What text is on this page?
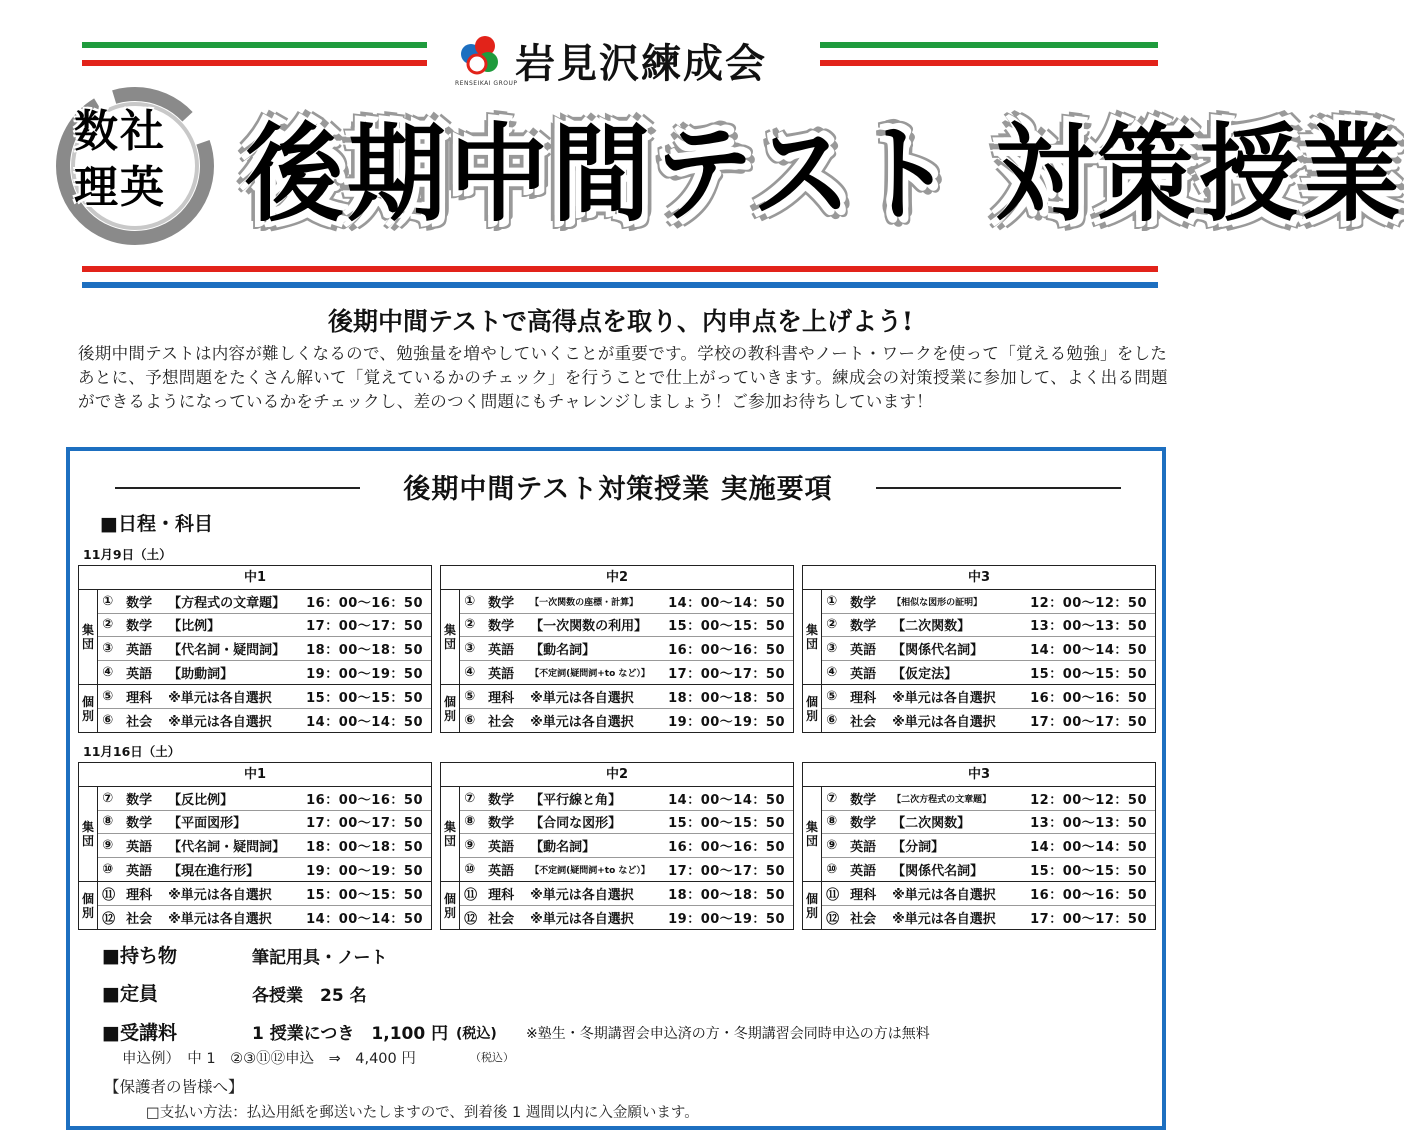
RENSEIKAI GROUP
岩見沢練成会
数社
理英 後期中間テスト 対策授業
後期中間テストで高得点を取り、内申点を上げよう!
後期中間テストは内容が難しくなるので、勉強量を増やしていくことが重要です。学校の教科書やノート・ワークを使って「覚える勉強」をしたあとに、予想問題をたくさん解いて「覚えているかのチェック」を行うことで仕上がっていきます。練成会の対策授業に参加して、よく出る問題ができるようになっているかをチェックし、差のつく問題にもチャレンジしましょう！ご参加お待ちしています！
後期中間テスト対策授業 実施要項
■日程・科目
11月9日（土）
11月16日（土）
中1
集
団
① 数学	【方程式の文章題】	16：00～16：50
② 数学	【比例】	17：00～17：50
③ 英語	【代名詞・疑問詞】	18：00～18：50
④ 英語	【助動詞】	19：00～19：50
個
別
⑤ 理科	※単元は各自選択	15：00～15：50
⑥ 社会	※単元は各自選択	14：00～14：50
中2
集
団
① 数学	【一次関数の座標・計算】	14：00～14：50
② 数学	【一次関数の利用】	15：00～15：50
③ 英語	【動名詞】	16：00～16：50
④ 英語	【不定詞(疑問詞+to など）】	17：00～17：50
個
別
⑤ 理科	※単元は各自選択	18：00～18：50
⑥ 社会	※単元は各自選択	19：00～19：50
中3
集
団
① 数学	【相似な図形の証明】	12：00～12：50
② 数学	【二次関数】	13：00～13：50
③ 英語	【関係代名詞】	14：00～14：50
④ 英語	【仮定法】	15：00～15：50
個
別
⑤ 理科	※単元は各自選択	16：00～16：50
⑥ 社会	※単元は各自選択	17：00～17：50
中1
集
団
⑦ 数学	【反比例】	16：00～16：50
⑧ 数学	【平面図形】	17：00～17：50
⑨ 英語	【代名詞・疑問詞】	18：00～18：50
⑩ 英語	【現在進行形】	19：00～19：50
個
別
⑪ 理科	※単元は各自選択	15：00～15：50
⑫ 社会	※単元は各自選択	14：00～14：50
中2
集
団
⑦ 数学	【平行線と角】	14：00～14：50
⑧ 数学	【合同な図形】	15：00～15：50
⑨ 英語	【動名詞】	16：00～16：50
⑩ 英語	【不定詞(疑問詞+to など）】	17：00～17：50
個
別
⑪ 理科	※単元は各自選択	18：00～18：50
⑫ 社会	※単元は各自選択	19：00～19：50
中3
集
団
⑦ 数学	【二次方程式の文章題】	12：00～12：50
⑧ 数学	【二次関数】	13：00～13：50
⑨ 英語	【分詞】	14：00～14：50
⑩ 英語	【関係代名詞】	15：00～15：50
個
別
⑪ 理科	※単元は各自選択	16：00～16：50
⑫ 社会	※単元は各自選択	17：00～17：50
■持ち物	筆記用具・ノート
■定員	各授業　25 名
■受講料	1 授業につき　1,100 円 (税込) ※塾生・冬期講習会申込済の方・冬期講習会同時申込の方は無料
申込例）　中 1　②③⑪⑫申込　⇒　4,400 円	（税込）
【保護者の皆様へ】
□支払い方法：払込用紙を郵送いたしますので、到着後 1 週間以内に入金願います。
